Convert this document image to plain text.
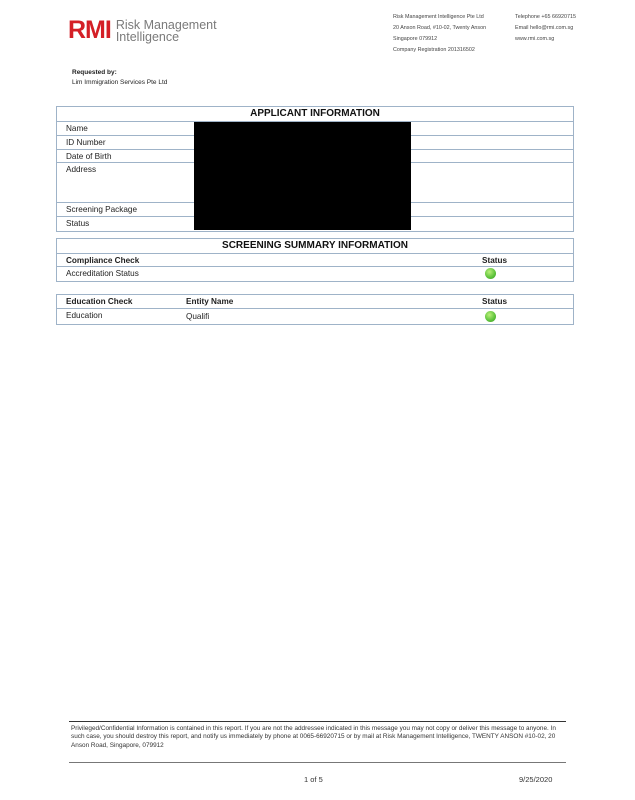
RMI Risk Management
Intelligence
Risk Management Intelligence Pte Ltd
20 Anson Road, #10-02, Twenty Anson
Singapore 079912
Company Registration 201316502
Telephone +65 66920715
Email hello@rmi.com.sg
www.rmi.com.sg
Requested by:
Lim Immigration Services Pte Ltd
APPLICANT INFORMATION
Name
ID Number
Date of Birth
Address
Screening Package
Status
SCREENING SUMMARY INFORMATION
Compliance Check	Status
Accreditation Status
Education Check	Entity Name	Status
Education	Qualifi
Privileged/Confidential Information is contained in this report. If you are not the addressee indicated in this message you may not copy or deliver this message to anyone. In such case, you should destroy this report, and notify us immediately by phone at 0065-66920715 or by mail at Risk Management Intelligence, TWENTY ANSON #10-02, 20 Anson Road, Singapore, 079912
1 of 5	9/25/2020
